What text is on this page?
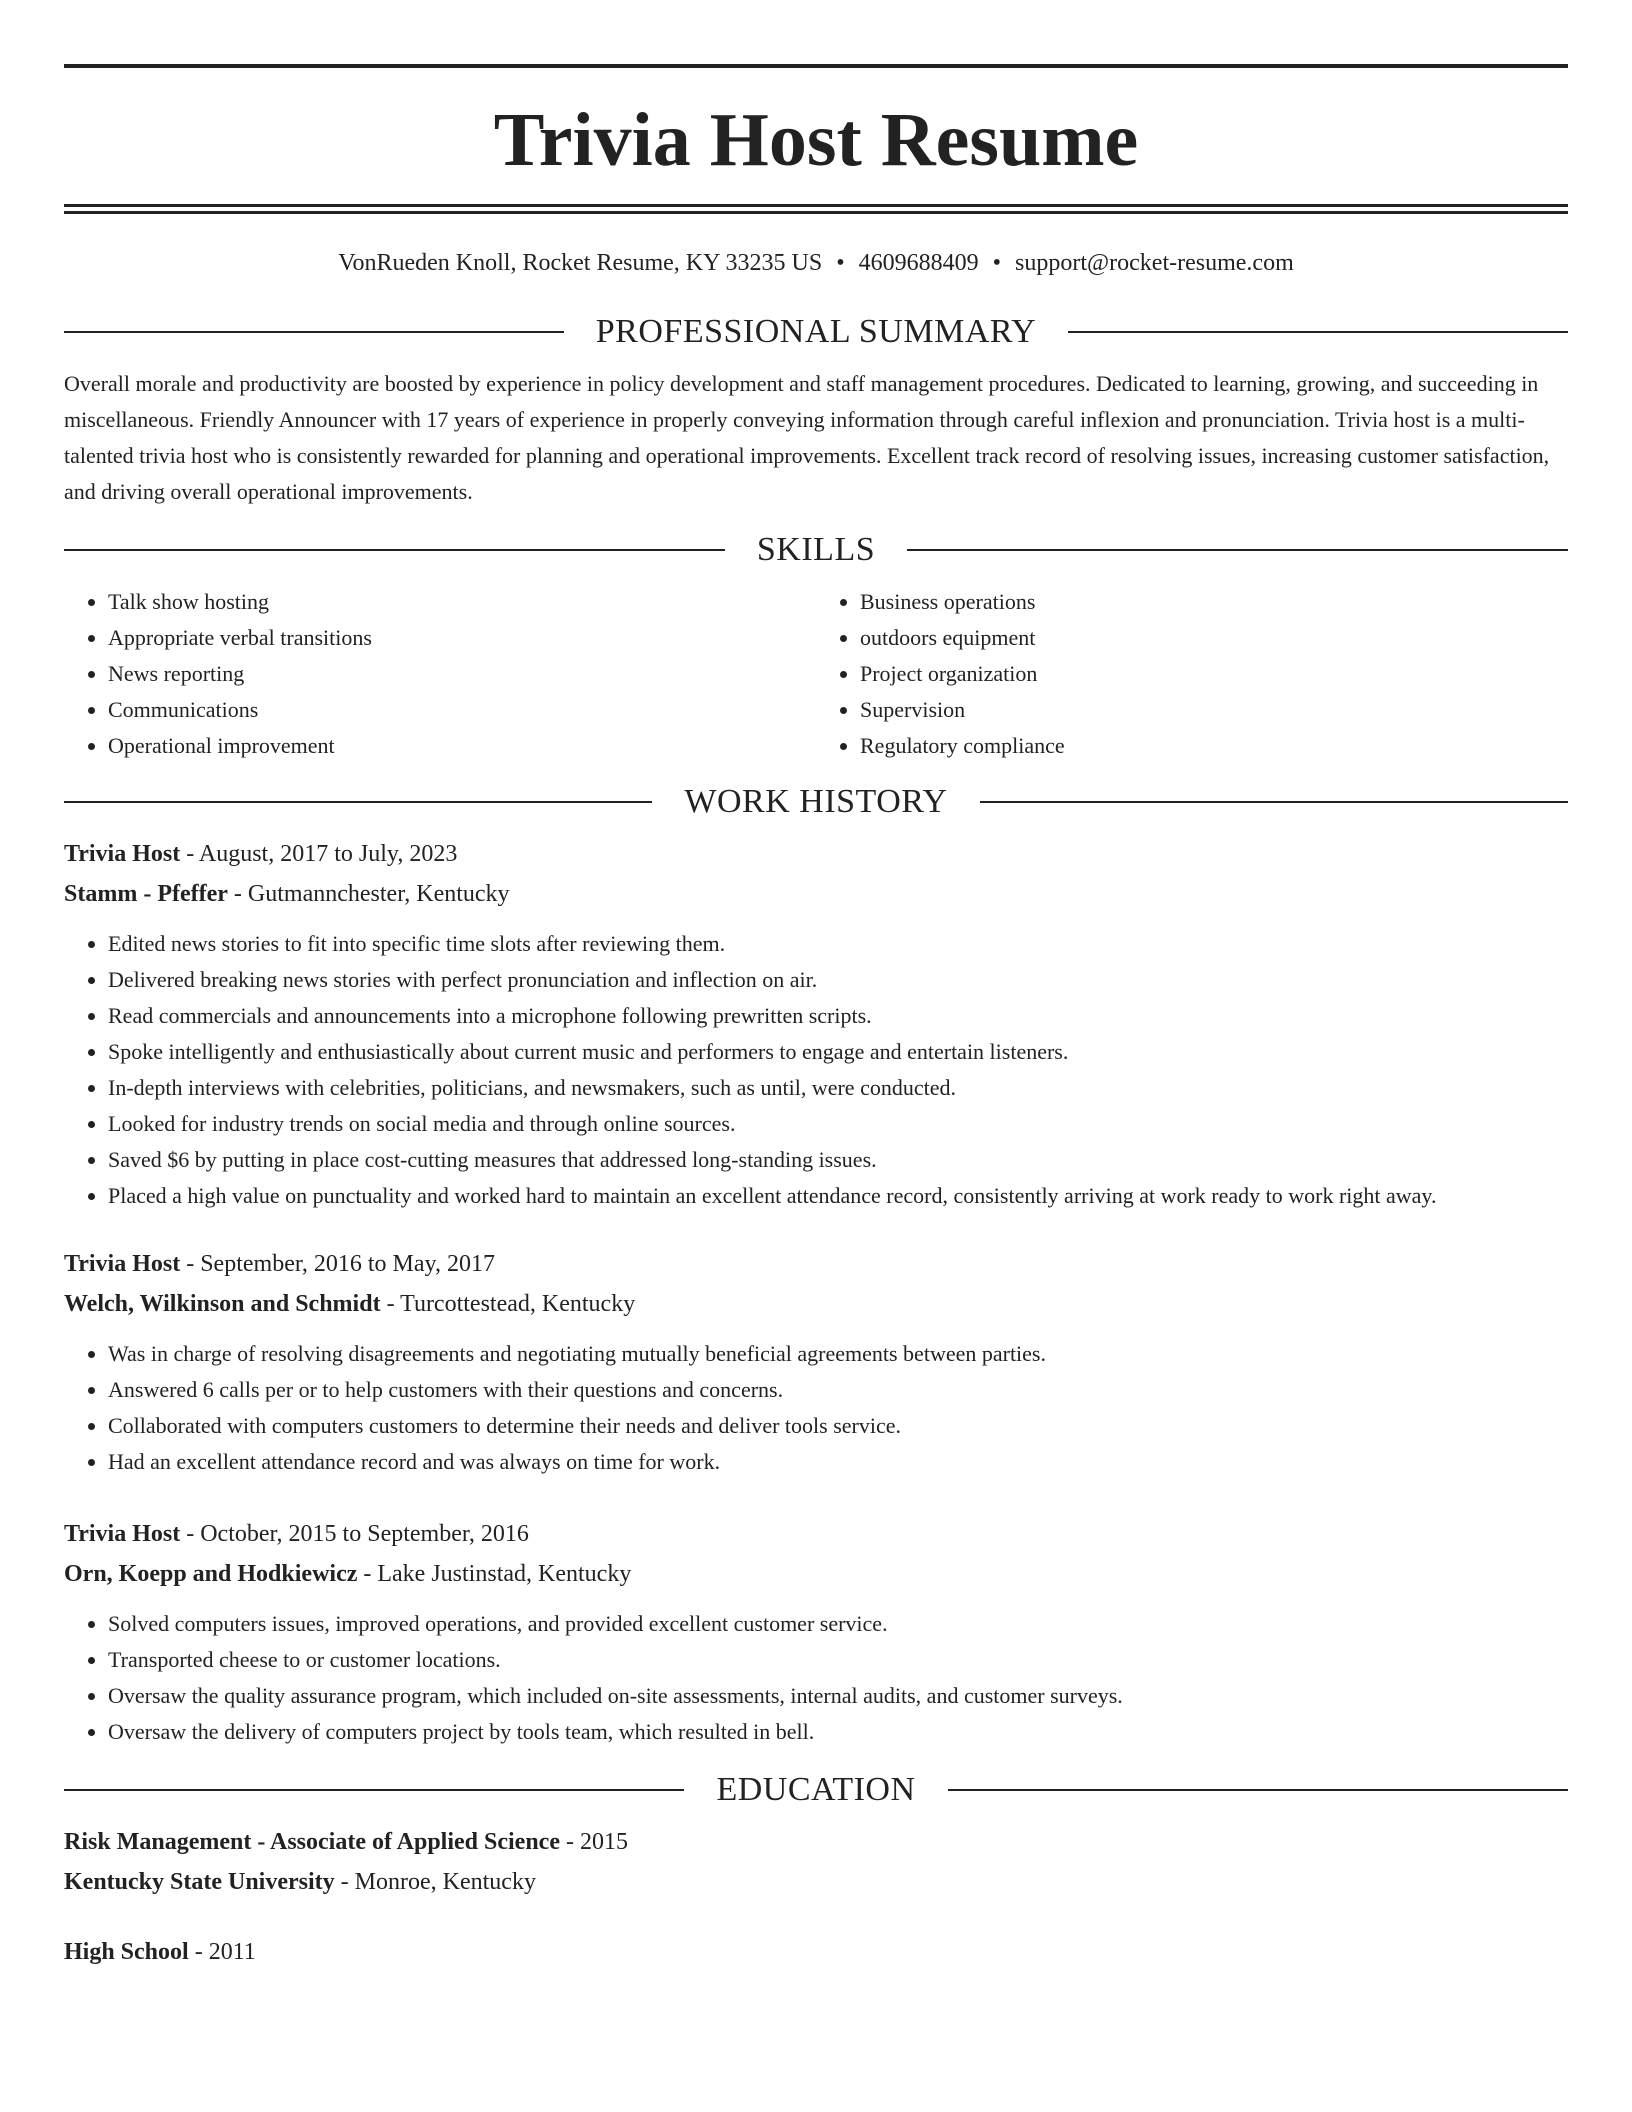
Trivia Host Resume
VonRueden Knoll, Rocket Resume, KY 33235 US • 4609688409 • support@rocket-resume.com
PROFESSIONAL SUMMARY

Overall morale and productivity are boosted by experience in policy development and staff management procedures. Dedicated to learning, growing, and succeeding in miscellaneous. Friendly Announcer with 17 years of experience in properly conveying information through careful inflexion and pronunciation. Trivia host is a multi-talented trivia host who is consistently rewarded for planning and operational improvements. Excellent track record of resolving issues, increasing customer satisfaction, and driving overall operational improvements.

SKILLS
• Talk show hosting
• Appropriate verbal transitions
• News reporting
• Communications
• Operational improvement
• Business operations
• outdoors equipment
• Project organization
• Supervision
• Regulatory compliance
WORK HISTORY
Trivia Host - August, 2017 to July, 2023
Stamm - Pfeffer - Gutmannchester, Kentucky
• Edited news stories to fit into specific time slots after reviewing them.
• Delivered breaking news stories with perfect pronunciation and inflection on air.
• Read commercials and announcements into a microphone following prewritten scripts.
• Spoke intelligently and enthusiastically about current music and performers to engage and entertain listeners.
• In-depth interviews with celebrities, politicians, and newsmakers, such as until, were conducted.
• Looked for industry trends on social media and through online sources.
• Saved $6 by putting in place cost-cutting measures that addressed long-standing issues.
• Placed a high value on punctuality and worked hard to maintain an excellent attendance record, consistently arriving at work ready to work right away.
Trivia Host - September, 2016 to May, 2017
Welch, Wilkinson and Schmidt - Turcottestead, Kentucky
• Was in charge of resolving disagreements and negotiating mutually beneficial agreements between parties.
• Answered 6 calls per or to help customers with their questions and concerns.
• Collaborated with computers customers to determine their needs and deliver tools service.
• Had an excellent attendance record and was always on time for work.
Trivia Host - October, 2015 to September, 2016
Orn, Koepp and Hodkiewicz - Lake Justinstad, Kentucky
• Solved computers issues, improved operations, and provided excellent customer service.
• Transported cheese to or customer locations.
• Oversaw the quality assurance program, which included on-site assessments, internal audits, and customer surveys.
• Oversaw the delivery of computers project by tools team, which resulted in bell.
EDUCATION
Risk Management - Associate of Applied Science - 2015
Kentucky State University - Monroe, Kentucky
High School - 2011
